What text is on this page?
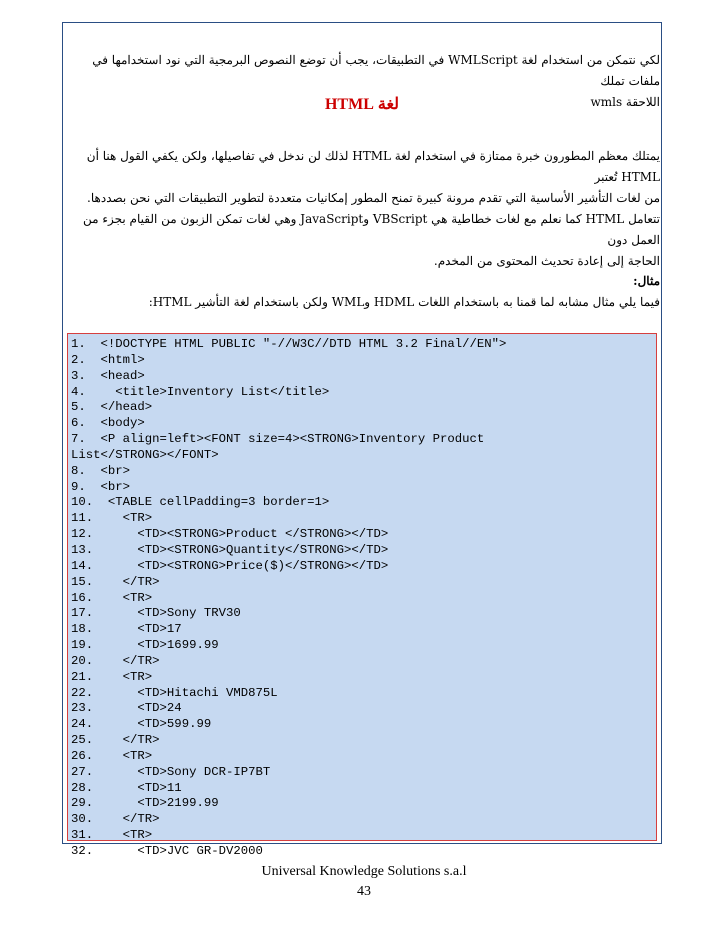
لكي نتمكن من استخدام لغة WMLScript في التطبيقات، يجب أن توضع النصوص البرمجية التي نود استخدامها في ملفات تملك
اللاحقة wmls
لغة HTML
يمتلك معظم المطورون خبرة ممتازة في استخدام لغة HTML لذلك لن ندخل في تفاصيلها، ولكن يكفي القول هنا أن HTML تُعتبر
من لغات التأشير الأساسية التي تقدم مرونة كبيرة تمنح المطور إمكانيات متعددة لتطوير التطبيقات التي نحن بصددها.
تتعامل HTML كما نعلم مع لغات خطاطية هي VBScript وJavaScript وهي لغات تمكن الزبون من القيام بجزء من العمل دون
الحاجة إلى إعادة تحديث المحتوى من المخدم.
مثال:
فيما يلي مثال مشابه لما قمنا به باستخدام اللغات HDML وWML ولكن باستخدام لغة التأشير HTML:
1.  <!DOCTYPE HTML PUBLIC "-//W3C//DTD HTML 3.2 Final//EN">
2.  <html>
3.  <head>
4.    <title>Inventory List</title>
5.  </head>
6.  <body>
7.  <P align=left><FONT size=4><STRONG>Inventory Product
List</STRONG></FONT>
8.  <br>
9.  <br>
10.  <TABLE cellPadding=3 border=1>
11.    <TR>
12.      <TD><STRONG>Product </STRONG></TD>
13.      <TD><STRONG>Quantity</STRONG></TD>
14.      <TD><STRONG>Price($)</STRONG></TD>
15.    </TR>
16.    <TR>
17.      <TD>Sony TRV30
18.      <TD>17
19.      <TD>1699.99
20.    </TR>
21.    <TR>
22.      <TD>Hitachi VMD875L
23.      <TD>24
24.      <TD>599.99
25.    </TR>
26.    <TR>
27.      <TD>Sony DCR-IP7BT
28.      <TD>11
29.      <TD>2199.99
30.    </TR>
31.    <TR>
32.      <TD>JVC GR-DV2000
Universal Knowledge Solutions s.a.l
43
